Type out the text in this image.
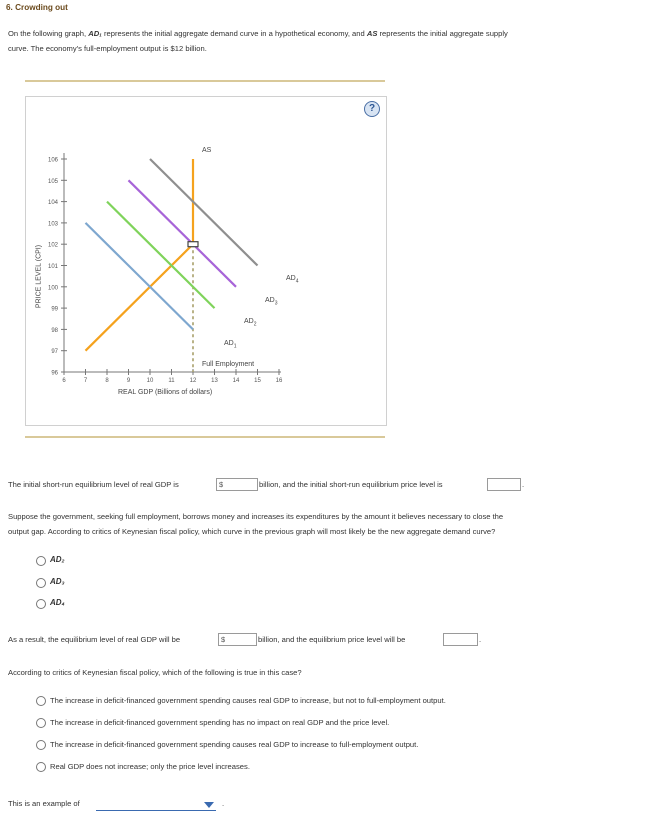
6. Crowding out
On the following graph, AD₁ represents the initial aggregate demand curve in a hypothetical economy, and AS represents the initial aggregate supply
curve. The economy's full-employment output is $12 billion.
?
96
97
98
99
100
101
102
103
104
105
106
6	7	8	9	10	11	12 13 14 15 16
PRICE LEVEL (CPI)
REAL GDP (Billions of dollars)
Full Employment
AS
$AD_1$
$AD_2$
$AD_3$
$AD_4$
The initial short-run equilibrium level of real GDP is	$	billion, and the initial short-run equilibrium price level is	.
Suppose the government, seeking full employment, borrows money and increases its expenditures by the amount it believes necessary to close the
output gap. According to critics of Keynesian fiscal policy, which curve in the previous graph will most likely be the new aggregate demand curve?
AD₂
AD₃
AD₄
As a result, the equilibrium level of real GDP will be	$	billion, and the equilibrium price level will be	.
According to critics of Keynesian fiscal policy, which of the following is true in this case?
The increase in deficit-financed government spending causes real GDP to increase, but not to full-employment output.
The increase in deficit-financed government spending has no impact on real GDP and the price level.
The increase in deficit-financed government spending causes real GDP to increase to full-employment output.
Real GDP does not increase; only the price level increases.
This is an example of	.
